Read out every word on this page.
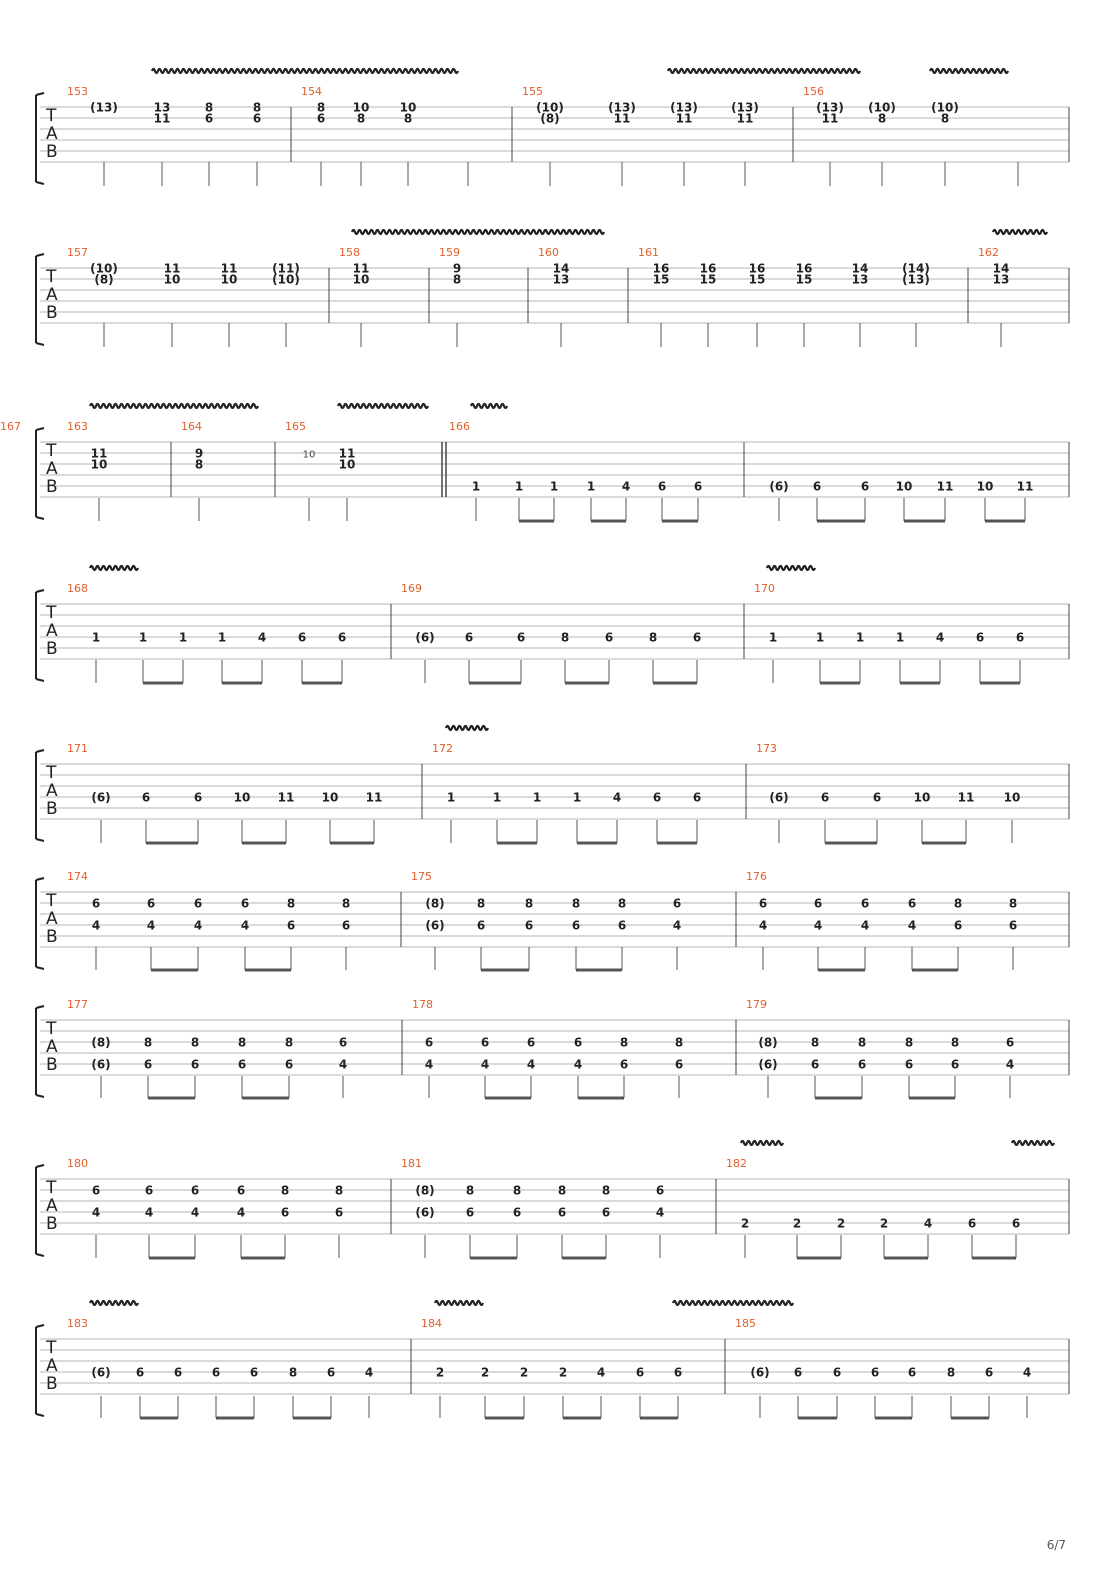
T
A
B
153
(13)	13
11
8
6
8
6
154
8
6
10
8
10
8
155
(10)
(8)
(13)
11
(13)
11
(13)
11
156
(13)
11
(10)
8
(10)
8
T
A
B
157
(10)
(8)
11
10
11
10
(11)
(10)
158
11
10
159
9
8
160
14
13
161
16
15
16
15
16
15
16
15
14
13
(14)
(13)
162
14
13
T
A
B
163
11
10
164
9
8
165
10 11
10
166
1	1 1 1 4 6 6
167
(6) 6	6 10 11 10 11
T
A
B
168
1	1	1	1	4	6	6
169
(6)	6	6	8	6	8	6
170
1	1	1	1	4	6	6
T
A
B
171
(6)	6	6	10 11 10 11
172
1	1	1	1	4	6	6
173
(6)	6	6	10 11 10
T
A
B
174
6
4
6
4
6
4
6
4
8
6
8
6
175
(8)
(6)
8
6
8
6
8
6
8
6
6
4
176
6
4
6
4
6
4
6
4
8
6
8
6
T
A
B
177
(8)
(6)
8
6
8
6
8
6
8
6
6
4
178
6
4
6
4
6
4
6
4
8
6
8
6
179
(8)
(6)
8
6
8
6
8
6
8
6
6
4
T
A
B
180
6
4
6
4
6
4
6
4
8
6
8
6
181
(8)
(6)
8
6
8
6
8
6
8
6
6
4
182
2	2	2	2	4	6	6
T
A
B
183
(6) 6 6 6 6	8 6 4
184
2	2	2	2 4	6 6
185
(6) 6	6 6 6	8 6 4
6/7
